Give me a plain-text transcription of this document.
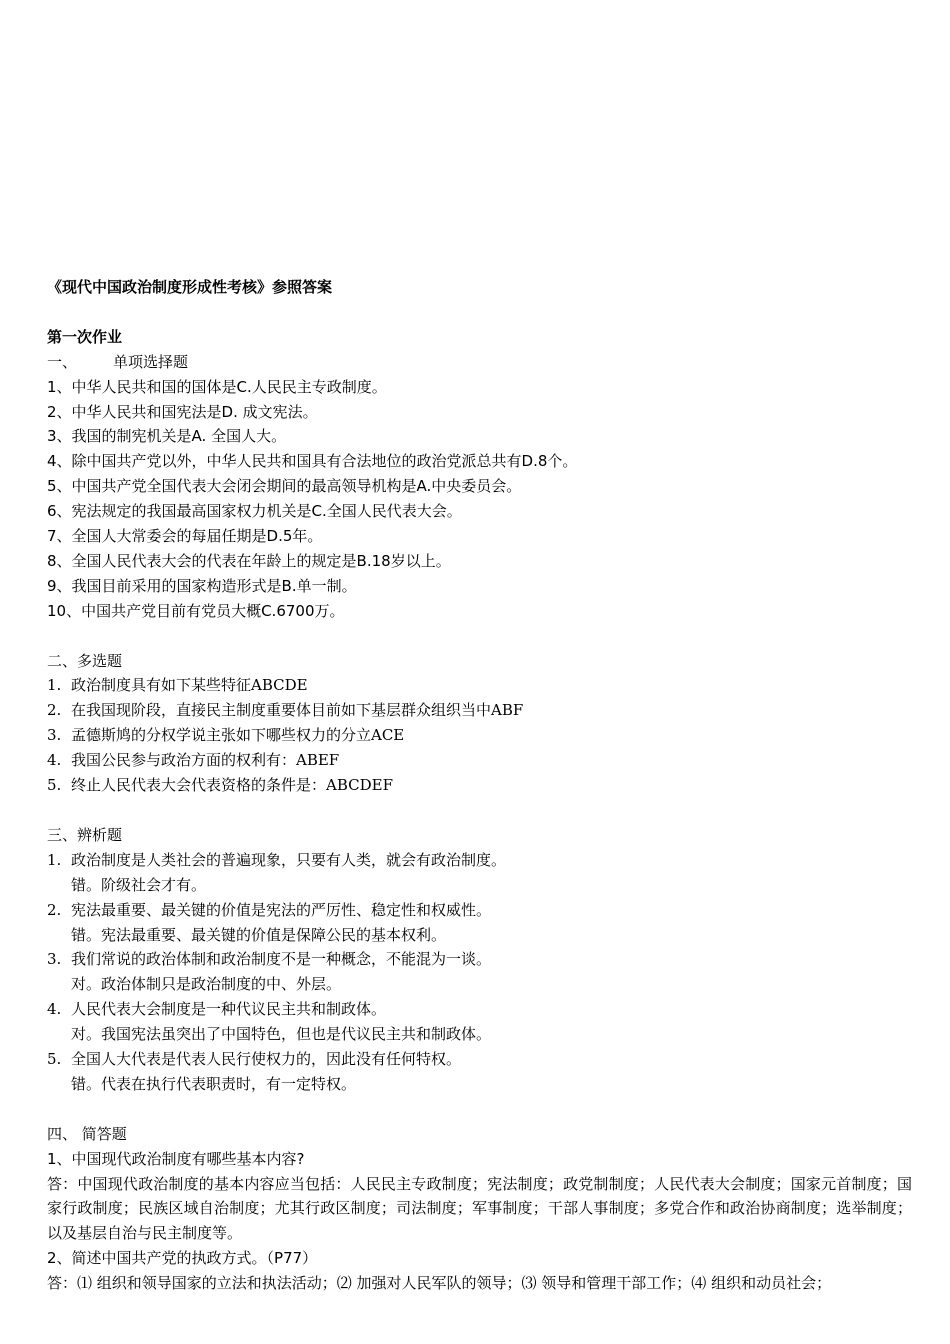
《现代中国政治制度形成性考核》参照答案
第一次作业
一、 单项选择题
1、中华人民共和国的国体是C.人民民主专政制度。
2、中华人民共和国宪法是D. 成文宪法。
3、我国的制宪机关是A. 全国人大。
4、除中国共产党以外，中华人民共和国具有合法地位的政治党派总共有D.8个。
5、中国共产党全国代表大会闭会期间的最高领导机构是A.中央委员会。
6、宪法规定的我国最高国家权力机关是C.全国人民代表大会。
7、全国人大常委会的每届任期是D.5年。
8、全国人民代表大会的代表在年龄上的规定是B.18岁以上。
9、我国目前采用的国家构造形式是B.单一制。
10、中国共产党目前有党员大概C.6700万。
二、多选题
1. 政治制度具有如下某些特征ABCDE
2. 在我国现阶段，直接民主制度重要体目前如下基层群众组织当中ABF
3. 孟德斯鸠的分权学说主张如下哪些权力的分立ACE
4. 我国公民参与政治方面的权利有：ABEF
5. 终止人民代表大会代表资格的条件是：ABCDEF
三、辨析题
1. 政治制度是人类社会的普遍现象，只要有人类，就会有政治制度。
错。阶级社会才有。
2. 宪法最重要、最关键的价值是宪法的严厉性、稳定性和权威性。
错。宪法最重要、最关键的价值是保障公民的基本权利。
3. 我们常说的政治体制和政治制度不是一种概念，不能混为一谈。
对。政治体制只是政治制度的中、外层。
4. 人民代表大会制度是一种代议民主共和制政体。
对。我国宪法虽突出了中国特色，但也是代议民主共和制政体。
5. 全国人大代表是代表人民行使权力的，因此没有任何特权。
错。代表在执行代表职责时，有一定特权。
四、 简答题
1、中国现代政治制度有哪些基本内容?
答：中国现代政治制度的基本内容应当包括：人民民主专政制度；宪法制度；政党制制度；人民代表大会制度；国家元首制度；国家行政制度；民族区域自治制度；尤其行政区制度；司法制度；军事制度；干部人事制度；多党合作和政治协商制度；选举制度；以及基层自治与民主制度等。
2、简述中国共产党的执政方式。（P77）
答：⑴ 组织和领导国家的立法和执法活动；⑵ 加强对人民军队的领导；⑶ 领导和管理干部工作；⑷ 组织和动员社会；
